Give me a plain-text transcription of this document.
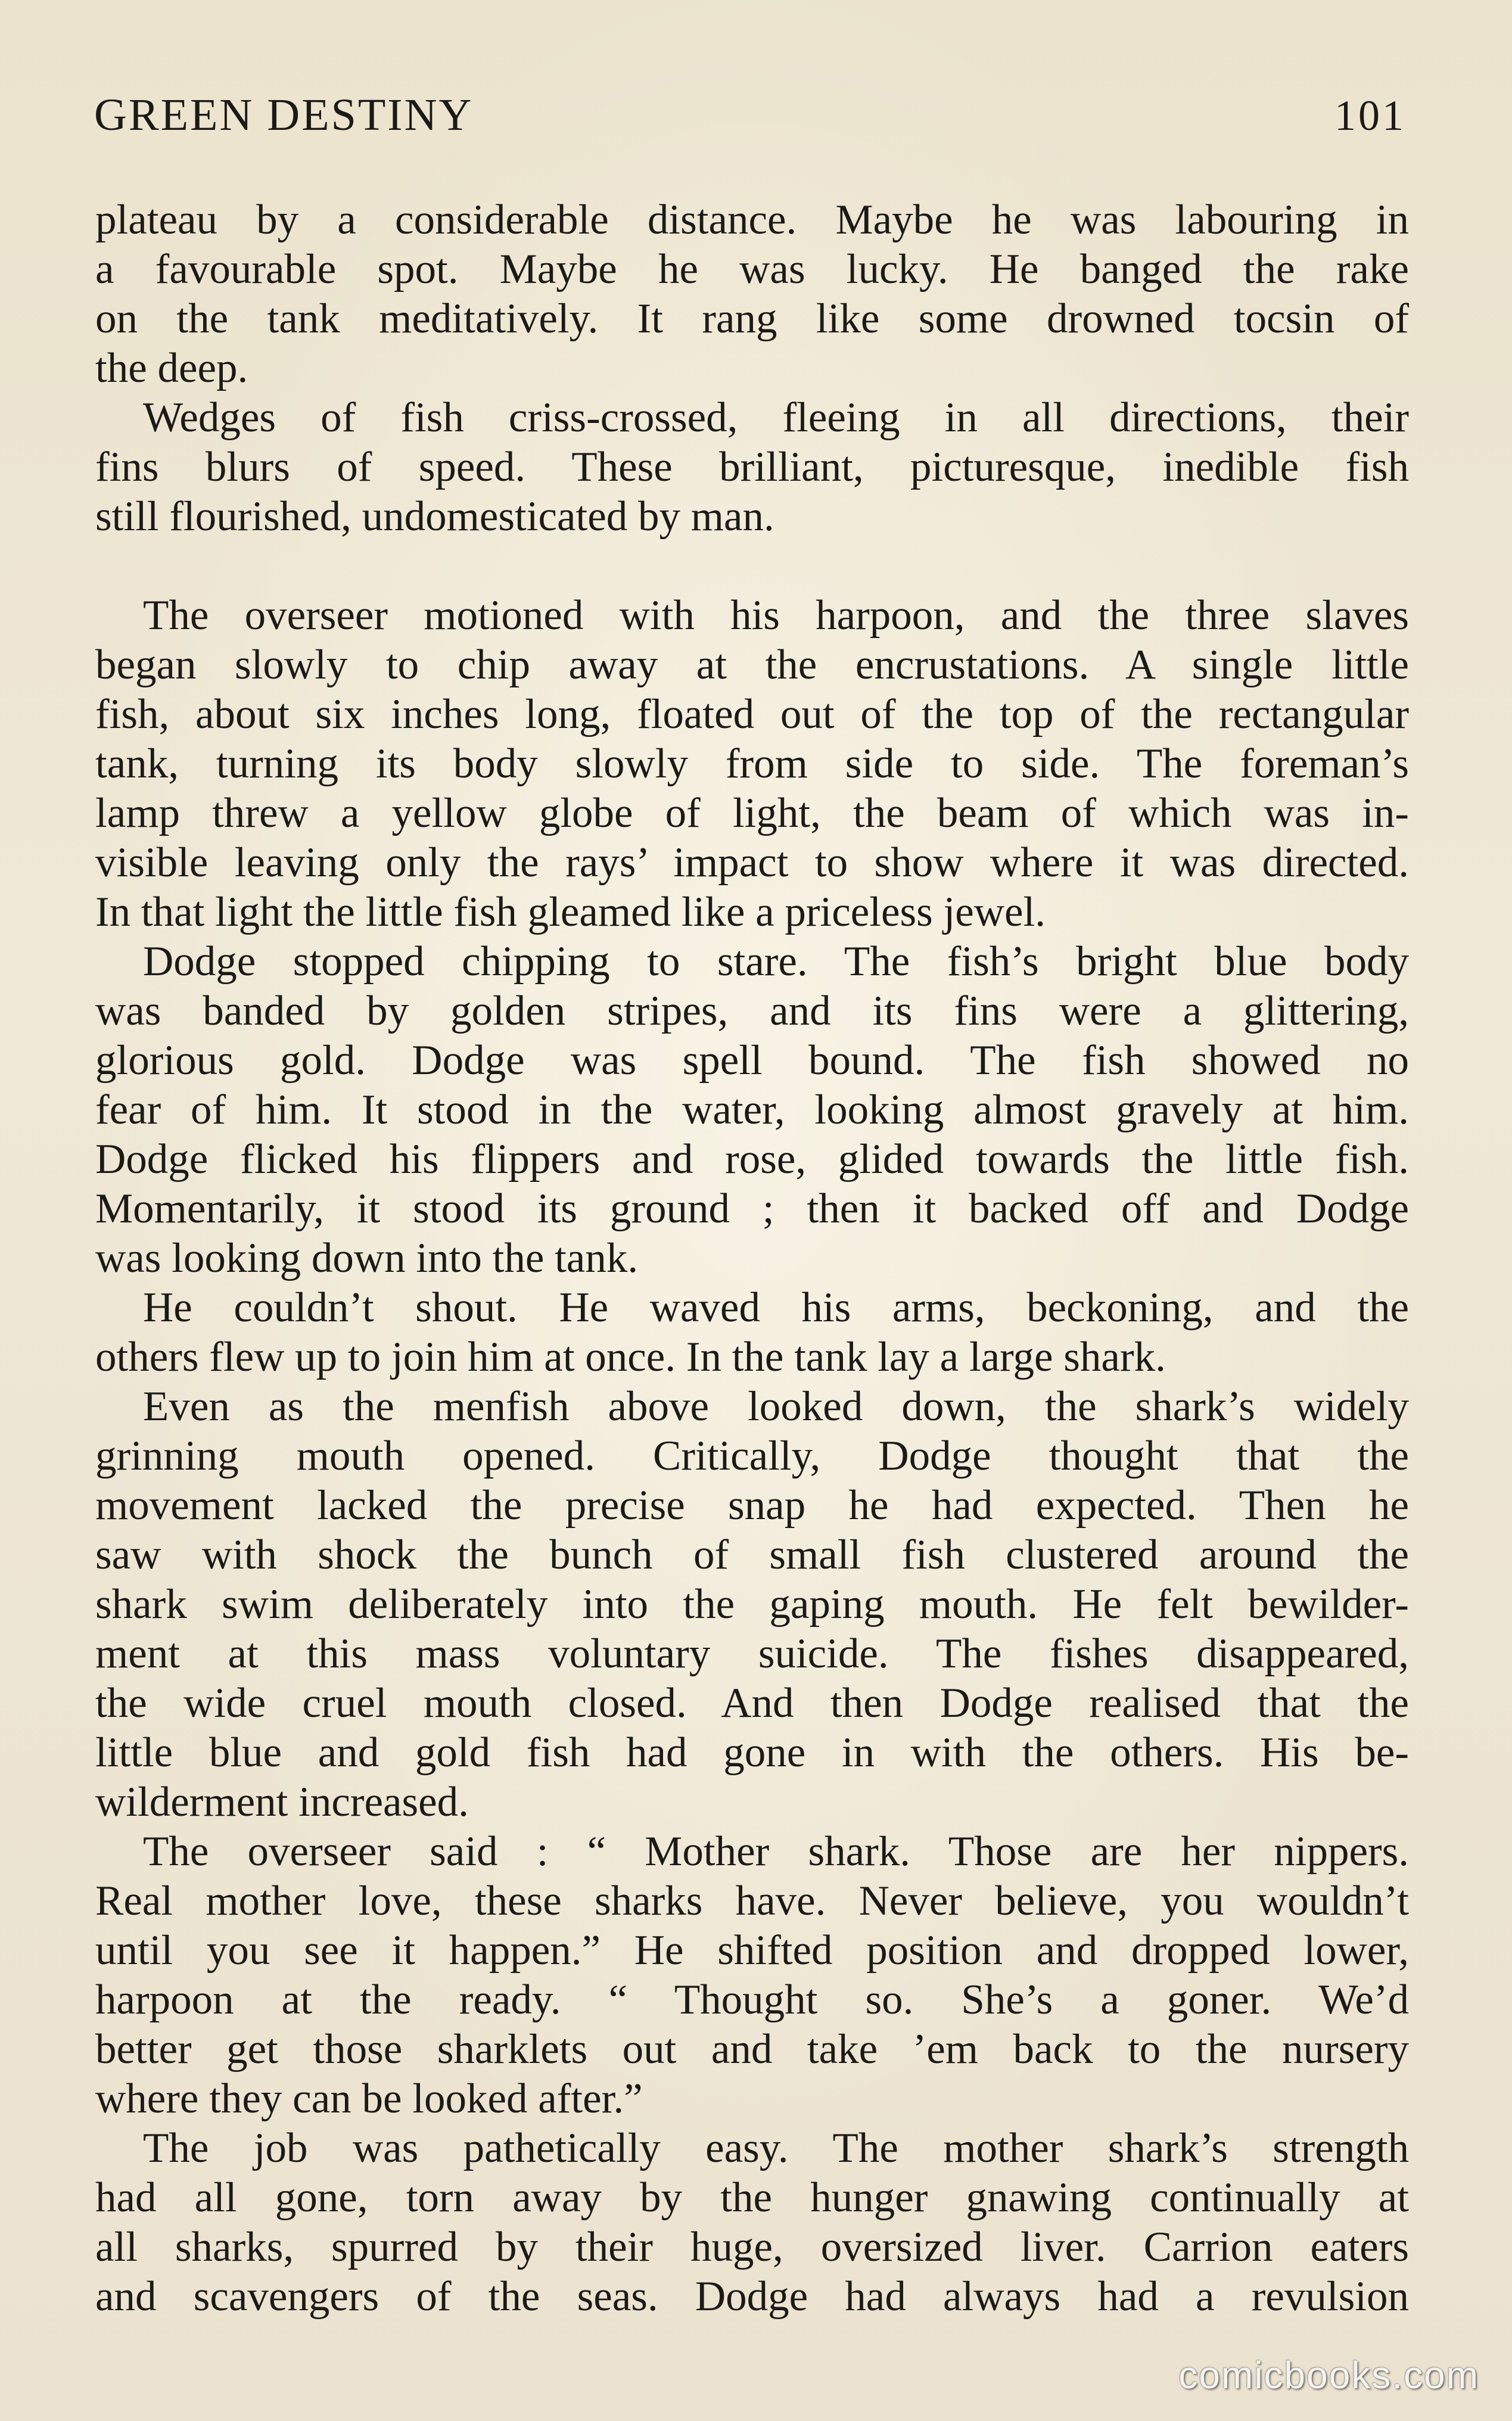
GREEN DESTINY	101
plateau by a considerable distance. Maybe he was labouring in
a favourable spot. Maybe he was lucky. He banged the rake
on the tank meditatively. It rang like some drowned tocsin of
the deep.
Wedges of fish criss-crossed, fleeing in all directions, their
fins blurs of speed. These brilliant, picturesque, inedible fish
still flourished, undomesticated by man.
The overseer motioned with his harpoon, and the three slaves
began slowly to chip away at the encrustations. A single little
fish, about six inches long, floated out of the top of the rectangular
tank, turning its body slowly from side to side. The foreman’s
lamp threw a yellow globe of light, the beam of which was in-
visible leaving only the rays’ impact to show where it was directed.
In that light the little fish gleamed like a priceless jewel.
Dodge stopped chipping to stare. The fish’s bright blue body
was banded by golden stripes, and its fins were a glittering,
glorious gold. Dodge was spell bound. The fish showed no
fear of him. It stood in the water, looking almost gravely at him.
Dodge flicked his flippers and rose, glided towards the little fish.
Momentarily, it stood its ground ; then it backed off and Dodge
was looking down into the tank.
He couldn’t shout. He waved his arms, beckoning, and the
others flew up to join him at once. In the tank lay a large shark.
Even as the menfish above looked down, the shark’s widely
grinning mouth opened. Critically, Dodge thought that the
movement lacked the precise snap he had expected. Then he
saw with shock the bunch of small fish clustered around the
shark swim deliberately into the gaping mouth. He felt bewilder-
ment at this mass voluntary suicide. The fishes disappeared,
the wide cruel mouth closed. And then Dodge realised that the
little blue and gold fish had gone in with the others. His be-
wilderment increased.
The overseer said : “ Mother shark. Those are her nippers.
Real mother love, these sharks have. Never believe, you wouldn’t
until you see it happen.” He shifted position and dropped lower,
harpoon at the ready. “ Thought so. She’s a goner. We’d
better get those sharklets out and take ’em back to the nursery
where they can be looked after.”
The job was pathetically easy. The mother shark’s strength
had all gone, torn away by the hunger gnawing continually at
all sharks, spurred by their huge, oversized liver. Carrion eaters
and scavengers of the seas. Dodge had always had a revulsion
comicbooks.com
